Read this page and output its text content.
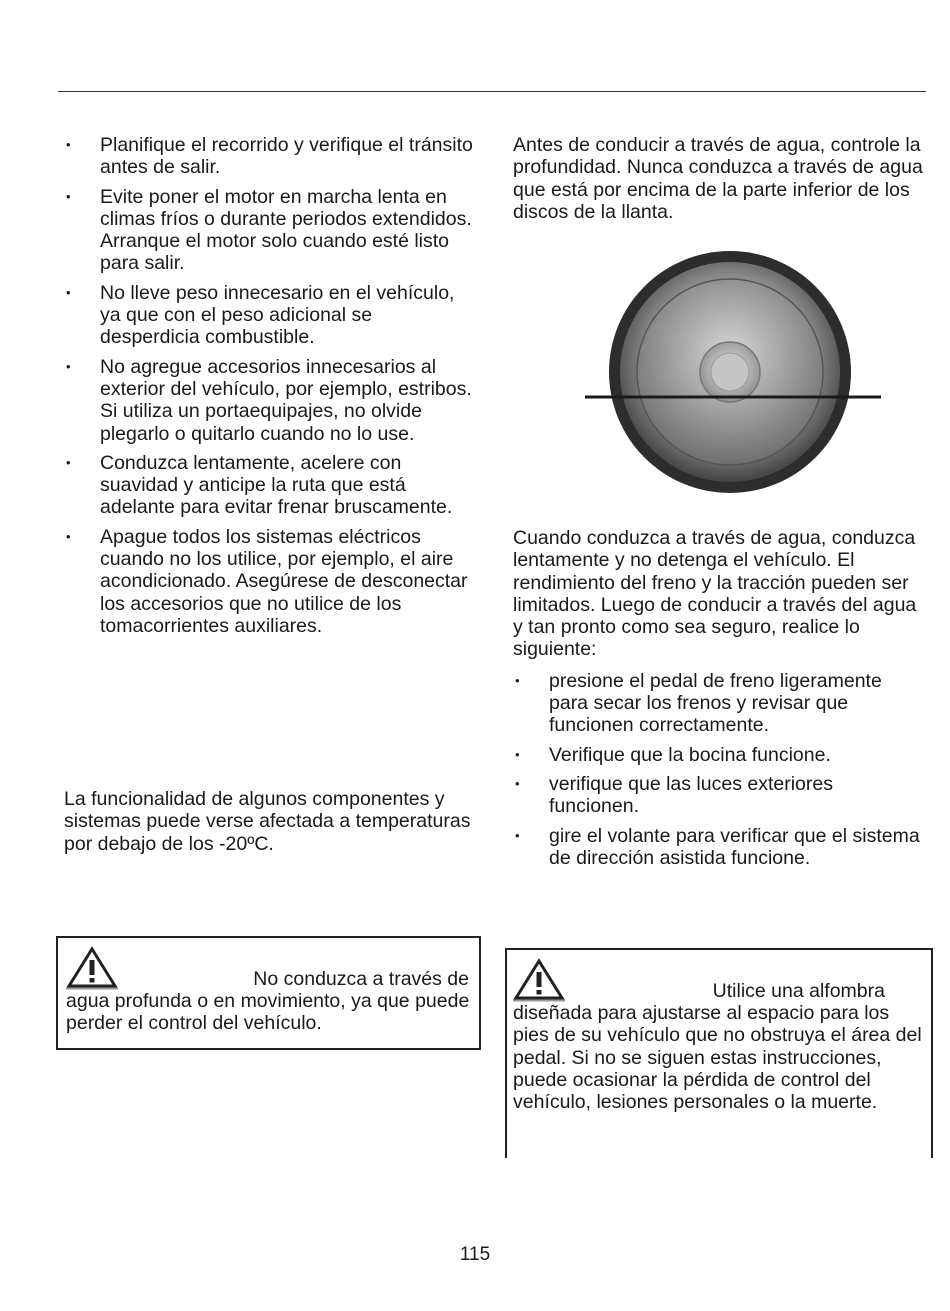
• Planifique el recorrido y verifique el tránsito antes de salir.
• Evite poner el motor en marcha lenta en climas fríos o durante periodos extendidos. Arranque el motor solo cuando esté listo para salir.
• No lleve peso innecesario en el vehículo, ya que con el peso adicional se desperdicia combustible.
• No agregue accesorios innecesarios al exterior del vehículo, por ejemplo, estribos. Si utiliza un portaequipajes, no olvide plegarlo o quitarlo cuando no lo use.
• Conduzca lentamente, acelere con suavidad y anticipe la ruta que está adelante para evitar frenar bruscamente.
• Apague todos los sistemas eléctricos cuando no los utilice, por ejemplo, el aire acondicionado. Asegúrese de desconectar los accesorios que no utilice de los tomacorrientes auxiliares.

La funcionalidad de algunos componentes y sistemas puede verse afectada a temperaturas por debajo de los -20ºC.

No conduzca a través de
agua profunda o en movimiento, ya que puede perder el control del vehículo.

Antes de conducir a través de agua, controle la profundidad. Nunca conduzca a través de agua que está por encima de la parte inferior de los discos de la llanta.

Cuando conduzca a través de agua, conduzca lentamente y no detenga el vehículo. El rendimiento del freno y la tracción pueden ser limitados. Luego de conducir a través del agua y tan pronto como sea seguro, realice lo siguiente:

• presione el pedal de freno ligeramente para secar los frenos y revisar que funcionen correctamente.
• Verifique que la bocina funcione.
• verifique que las luces exteriores funcionen.
• gire el volante para verificar que el sistema de dirección asistida funcione.
Utilice una alfombra
diseñada para ajustarse al espacio para los pies de su vehículo que no obstruya el área del pedal. Si no se siguen estas instrucciones, puede ocasionar la pérdida de control del vehículo, lesiones personales o la muerte.
115
